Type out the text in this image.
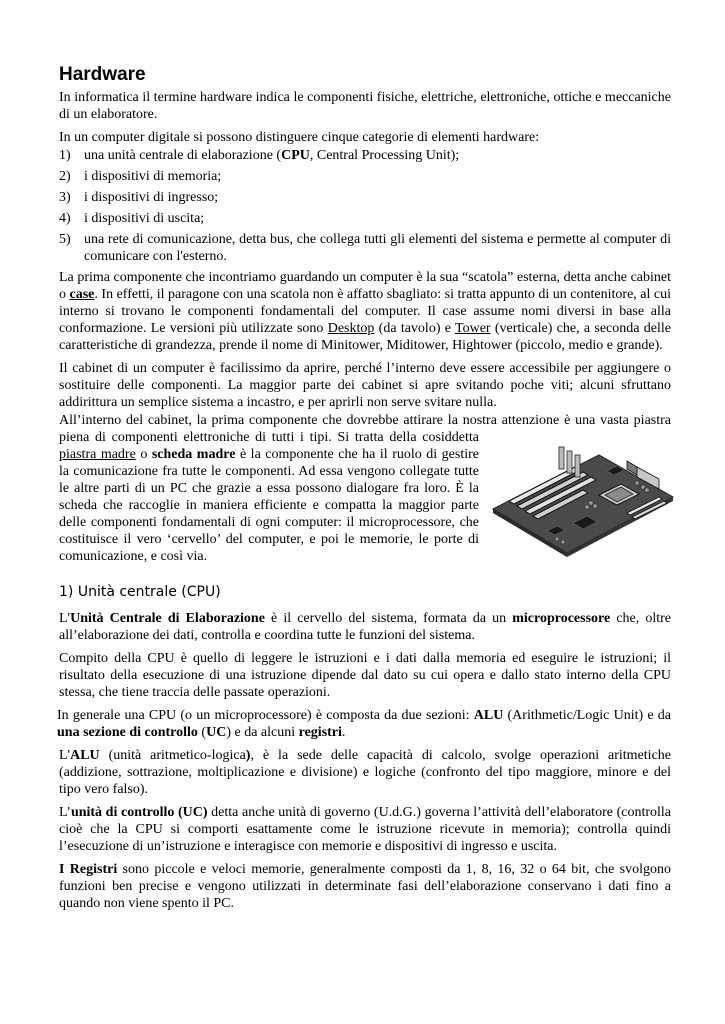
Hardware

In informatica il termine hardware indica le componenti fisiche, elettriche, elettroniche, ottiche e meccaniche di un elaboratore.

In un computer digitale si possono distinguere cinque categorie di elementi hardware:

1) una unità centrale di elaborazione (CPU, Central Processing Unit);
2) i dispositivi di memoria;
3) i dispositivi di ingresso;
4) i dispositivi di uscita;
5) una rete di comunicazione, detta bus, che collega tutti gli elementi del sistema e permette al computer di comunicare con l'esterno.

La prima componente che incontriamo guardando un computer è la sua “scatola” esterna, detta anche cabinet o case. In effetti, il paragone con una scatola non è affatto sbagliato: si tratta appunto di un contenitore, al cui interno si trovano le componenti fondamentali del computer. Il case assume nomi diversi in base alla conformazione. Le versioni più utilizzate sono Desktop (da tavolo) e Tower (verticale) che, a seconda delle caratteristiche di grandezza, prende il nome di Minitower, Miditower, Hightower (piccolo, medio e grande).

Il cabinet di un computer è facilissimo da aprire, perché l’interno deve essere accessibile per aggiungere o sostituire delle componenti. La maggior parte dei cabinet si apre svitando poche viti; alcuni sfruttano addirittura un semplice sistema a incastro, e per aprirli non serve svitare nulla.

All’interno del cabinet, la prima componente che dovrebbe attirare la nostra attenzione è una vasta piastra piena di componenti elettroniche di tutti i tipi. Si tratta della cosiddetta
piastra madre o scheda madre è la componente che ha il ruolo di gestire la comunicazione fra tutte le componenti. Ad essa vengono collegate tutte le altre parti di un PC che grazie a essa possono dialogare fra loro. È la scheda che raccoglie in maniera efficiente e compatta la maggior parte delle componenti fondamentali di ogni computer: il microprocessore, che costituisce il vero ‘cervello’ del computer, e poi le memorie, le porte di comunicazione, e così via.

1) Unità centrale (CPU)

L'Unità Centrale di Elaborazione è il cervello del sistema, formata da un microprocessore che, oltre all’elaborazione dei dati, controlla e coordina tutte le funzioni del sistema.

Compito della CPU è quello di leggere le istruzioni e i dati dalla memoria ed eseguire le istruzioni; il risultato della esecuzione di una istruzione dipende dal dato su cui opera e dallo stato interno della CPU stessa, che tiene traccia delle passate operazioni.

In generale una CPU (o un microprocessore) è composta da due sezioni: ALU (Arithmetic/Logic Unit) e da una sezione di controllo (UC) e da alcuni registri.

L'ALU (unità aritmetico-logica), è la sede delle capacità di calcolo, svolge operazioni aritmetiche (addizione, sottrazione, moltiplicazione e divisione) e logiche (confronto del tipo maggiore, minore e del tipo vero falso).

L’unità di controllo (UC) detta anche unità di governo (U.d.G.) governa l’attività dell’elaboratore (controlla cioè che la CPU si comporti esattamente come le istruzione ricevute in memoria); controlla quindi l’esecuzione di un’istruzione e interagisce con memorie e dispositivi di ingresso e uscita.

I Registri sono piccole e veloci memorie, generalmente composti da 1, 8, 16, 32 o 64 bit, che svolgono funzioni ben precise e vengono utilizzati in determinate fasi dell’elaborazione conservano i dati fino a quando non viene spento il PC.
